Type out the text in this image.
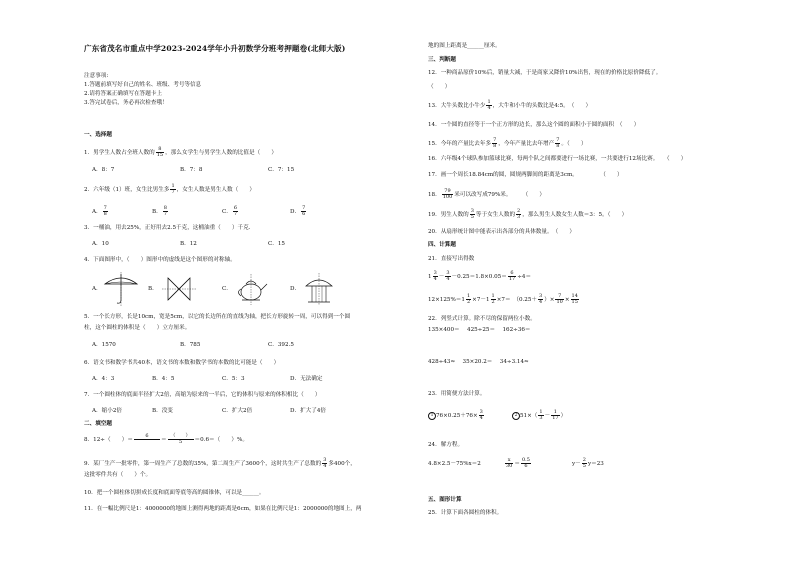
广东省茂名市重点中学2023-2024学年小升初数学分班考押题卷(北师大版)
注意事项:
1.答题前填写好自己的姓名、班级、考号等信息
2.请将答案正确填写在答题卡上
3.答完试卷后，务必再次检查哦！
一、选择题
1．男学生人数占全班人数的 $\frac{8}{15}$ ，那么女学生与男学生人数的比值是（　　）
A．8：7	B．7：8	C．7：15
2．六年级（1）班，女生比男生多 $\frac{1}{7}$ ，女生人数是男生人数（　　）
A． $\frac{7}{8}$	B． $\frac{8}{7}$	C． $\frac{6}{7}$	D． $\frac{7}{6}$
3．一桶油，用去25%，正好用去2.5千克，这桶油重（　　）千克．
A．10	B．12	C．15
4．下面图形中，（　　）图形中的虚线是这个图形的对称轴。
A．	B．	C．	D．
5．一个长方形，长是10cm，宽是5cm，以它的长边所在的直线为轴，把长方形旋转一周，可以得到一个圆
柱，这个圆柱的体积是（　　）立方厘米。
A．1570	B．785	C．392.5
6．语文书和数学书共40本，语文书的本数和数学书的本数的比可能是（　　）
A．4：3	B．4：5	C．5：3	D．无法确定
7．一个圆柱体的底面半径扩大2倍，高缩为原来的一半后，它的体积与原来的体积相比（　　）
A．缩小2倍	B．没变	C．扩大2倍	D．扩大了4倍
二、填空题
8．12÷（　　）＝
6

＝ $\frac{( )}{5} =0.6=$（　　）%。
9．某厂生产一批零件，第一周生产了总数的35%，第二周生产了3600个，这时共生产了总数的 $\frac{3}{4}$ 多400个，
这批零件共有（　　）个。
10．把一个圆柱体切拼成长度和底面等底等高的圆锥体，可以是______。
11．在一幅比例尺是1：4000000的地图上测得两地的距离是6cm，如果在比例尺是1：2000000的地图上，两
地的图上距离是______厘米。
三、判断题
12．一种商品原价10%后，销量大减，于是商家又降价10%出售，现在的价格比原价降低了。
（　　）
13．大牛头数比小牛少 $\frac{1}{4}$ ，大牛和小牛的头数比是4:5。　（　　）
14．一个圆的直径等于一个正方形的边长，那么这个圆的面积小于圆的面积　（　　）
15．今年的产量比去年多 $\frac{7}{8}$ ，今年产量比去年增产 $\frac{7}{8}$ 。（　　）
16．六年级4个球队参加篮球比赛，每两个队之间都要进行一场比赛，一共要进行12场比赛。　　（　　）
17．画一个周长18.84cm的圆，圆规两脚间的距离是3cm。　　　　　（　　）
18． $\frac{79}{100}$ 米可以改写成79%米。　　　（　　）
19．男生人数的 $\frac{3}{5}$ 等于女生人数的 $\frac{2}{3}$ ，那么男生人数女生人数＝3：5。（　　）
20．从扇形统计图中能表示出各部分的具体数量。　（　　）
四、计算题
21．直接写出得数
$1 \frac{3}{4} - \frac{3}{4} -0.25=1.8\times 0.05= \frac{6}{17} \div 4=$
$12\times 125\%=1 \frac{1}{2} \times 7-1 \frac{1}{2} \times 7=$　（$0.25+ \frac{3}{4}$ ）× $\frac{7}{10} \times \frac{14}{15}$
22．列竖式计算。除不尽的保留两位小数。
135×400＝　 425÷25＝　 162÷36＝
428÷43≈　 35×20.2＝　 34÷3.14≈
23．用简便方法计算。
1 $76\times 0.25+76\times \frac{3}{4}$	2 $51\times( \frac{1}{3} - \frac{1}{17}$ ）
24．解方程。
4.8×2.5－75%x＝2	$\frac{x}{30} = \frac{0.5}{6}$	$y- \frac{2}{5} y=23$
五、图形计算
25．计算下面各圆柱的体积。
